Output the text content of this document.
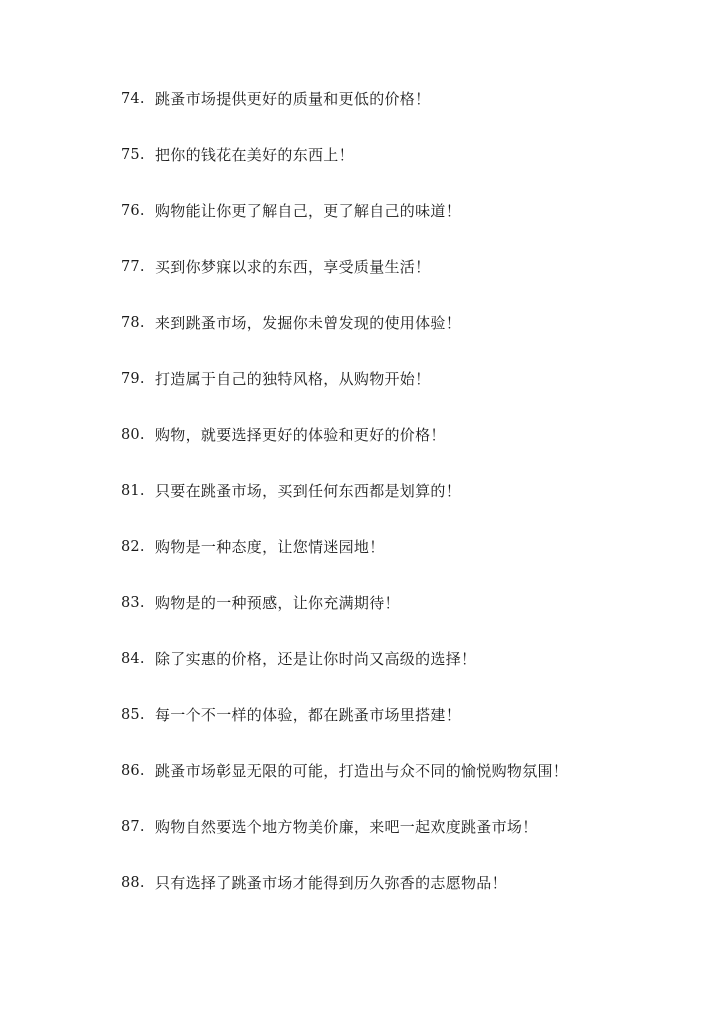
74. 跳蚤市场提供更好的质量和更低的价格！
75. 把你的钱花在美好的东西上！
76. 购物能让你更了解自己，更了解自己的味道！
77. 买到你梦寐以求的东西，享受质量生活！
78. 来到跳蚤市场，发掘你未曾发现的使用体验！
79. 打造属于自己的独特风格，从购物开始！
80. 购物，就要选择更好的体验和更好的价格！
81. 只要在跳蚤市场，买到任何东西都是划算的！
82. 购物是一种态度，让您情迷园地！
83. 购物是的一种预感，让你充满期待！
84. 除了实惠的价格，还是让你时尚又高级的选择！
85. 每一个不一样的体验，都在跳蚤市场里搭建！
86. 跳蚤市场彰显无限的可能，打造出与众不同的愉悦购物氛围！
87. 购物自然要选个地方物美价廉，来吧一起欢度跳蚤市场！
88. 只有选择了跳蚤市场才能得到历久弥香的志愿物品！
